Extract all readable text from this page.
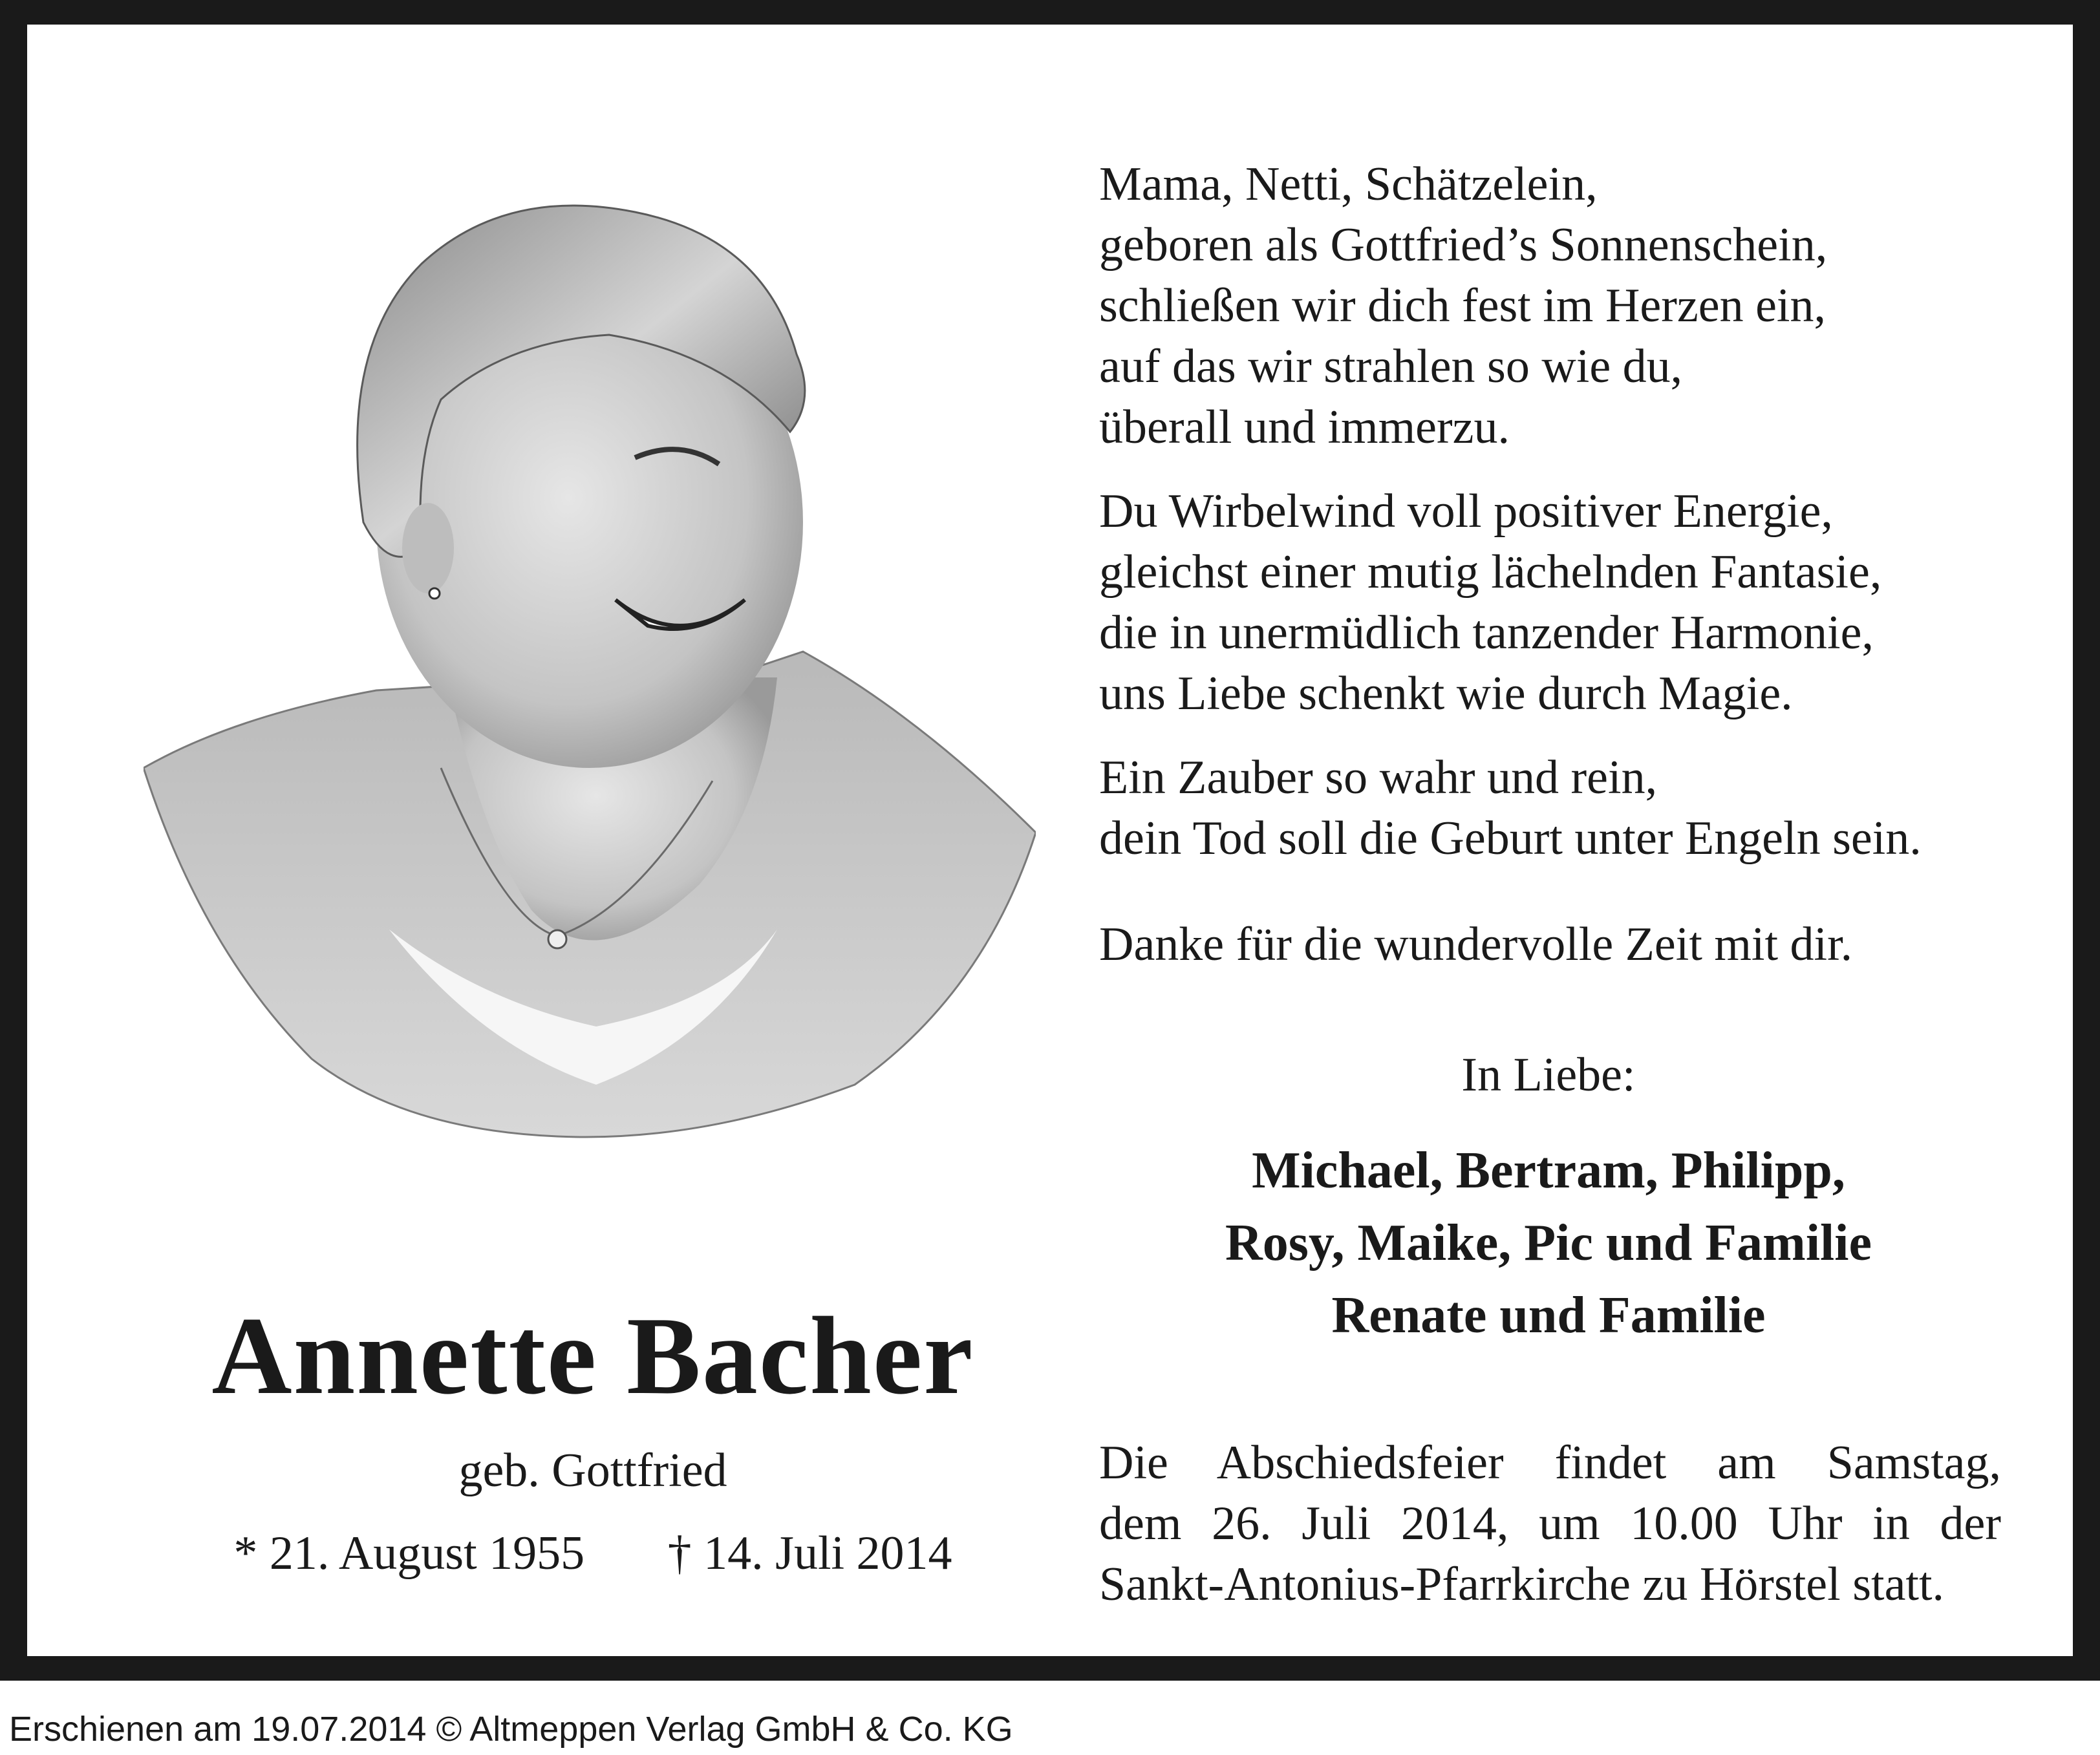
Mama, Netti, Schätzelein,
geboren als Gottfried’s Sonnenschein,
schließen wir dich fest im Herzen ein,
auf das wir strahlen so wie du,
überall und immerzu.
Du Wirbelwind voll positiver Energie,
gleichst einer mutig lächelnden Fantasie,
die in unermüdlich tanzender Harmonie,
uns Liebe schenkt wie durch Magie.
Ein Zauber so wahr und rein,
dein Tod soll die Geburt unter Engeln sein.
Danke für die wundervolle Zeit mit dir.
In Liebe:
Michael, Bertram, Philipp,
Rosy, Maike, Pic und Familie
Renate und Familie
Annette Bacher
geb. Gottfried
* 21. August 1955 † 14. Juli 2014
Die Abschiedsfeier findet am Samstag,
dem 26. Juli 2014, um 10.00 Uhr in der
Sankt-Antonius-Pfarrkirche zu Hörstel statt.
Erschienen am 19.07.2014 © Altmeppen Verlag GmbH & Co. KG
